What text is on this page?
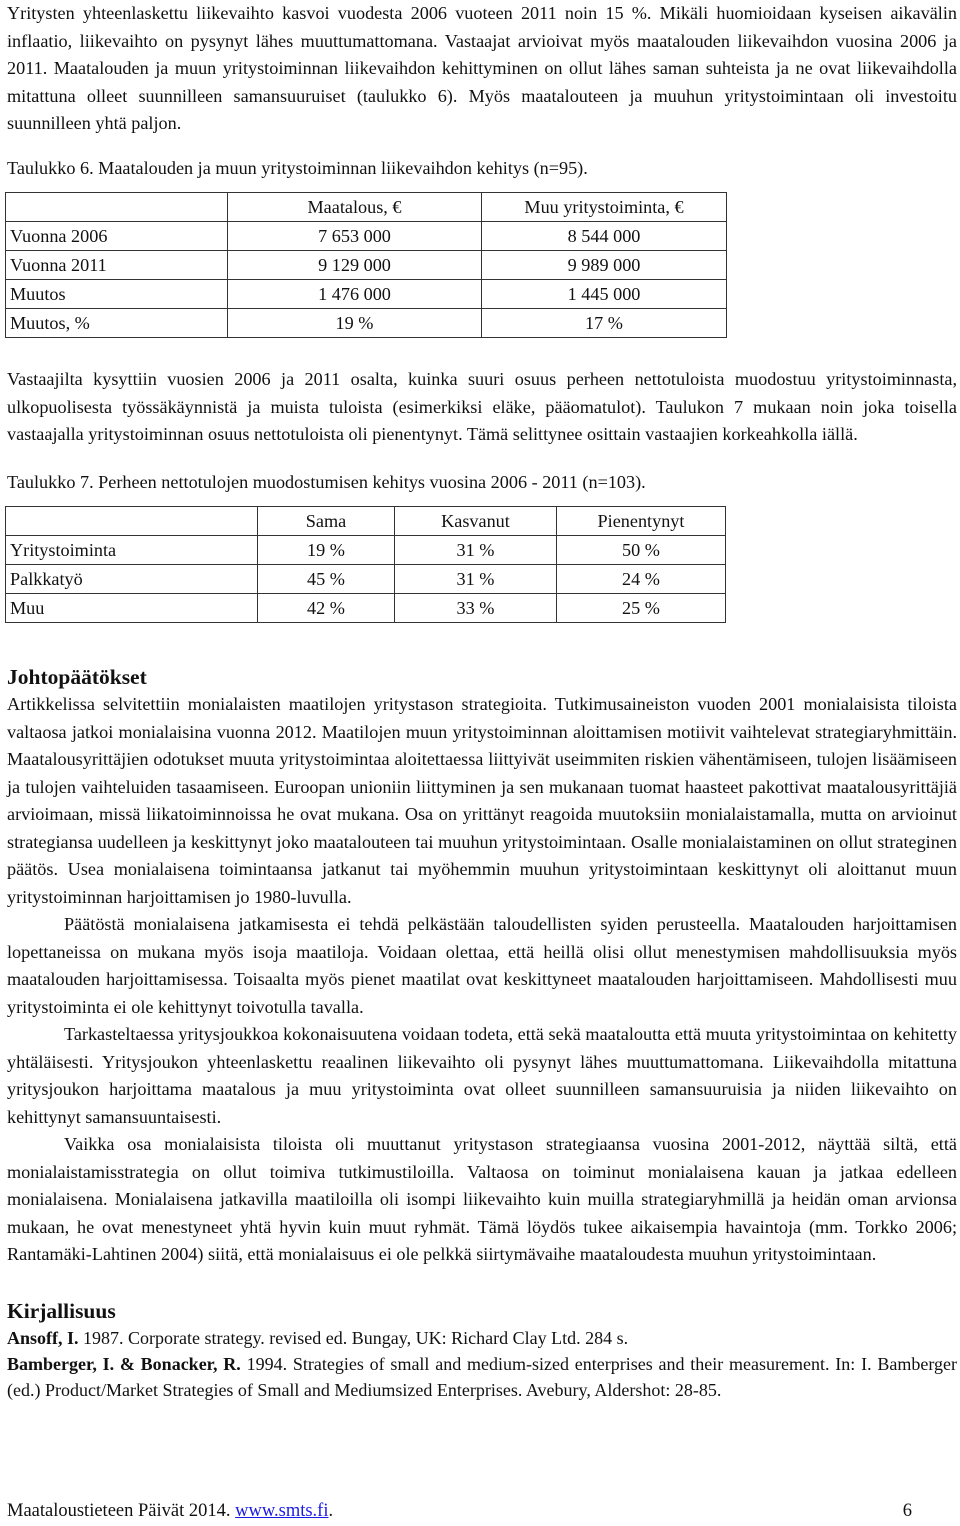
Yritysten yhteenlaskettu liikevaihto kasvoi vuodesta 2006 vuoteen 2011 noin 15 %. Mikäli huomioidaan kyseisen aikavälin inflaatio, liikevaihto on pysynyt lähes muuttumattomana. Vastaajat arvioivat myös maatalouden liikevaihdon vuosina 2006 ja 2011. Maatalouden ja muun yritystoiminnan liikevaihdon kehittyminen on ollut lähes saman suhteista ja ne ovat liikevaihdolla mitattuna olleet suunnilleen samansuuruiset (taulukko 6). Myös maatalouteen ja muuhun yritystoimintaan oli investoitu suunnilleen yhtä paljon.

Taulukko 6. Maatalouden ja muun yritystoiminnan liikevaihdon kehitys (n=95).

	Maatalous, €	Muu yritystoiminta, €
Vuonna 2006	7 653 000	8 544 000
Vuonna 2011	9 129 000	9 989 000
Muutos	1 476 000	1 445 000
Muutos, %	19 %	17 %

Vastaajilta kysyttiin vuosien 2006 ja 2011 osalta, kuinka suuri osuus perheen nettotuloista muodostuu yritystoiminnasta, ulkopuolisesta työssäkäynnistä ja muista tuloista (esimerkiksi eläke, pääomatulot). Taulukon 7 mukaan noin joka toisella vastaajalla yritystoiminnan osuus nettotuloista oli pienentynyt. Tämä selittynee osittain vastaajien korkeahkolla iällä.

Taulukko 7. Perheen nettotulojen muodostumisen kehitys vuosina 2006 - 2011 (n=103).

	Sama	Kasvanut	Pienentynyt
Yritystoiminta	19 %	31 %	50 %
Palkkatyö	45 %	31 %	24 %
Muu	42 %	33 %	25 %
Johtopäätökset

Artikkelissa selvitettiin monialaisten maatilojen yritystason strategioita. Tutkimusaineiston vuoden 2001 monialaisista tiloista valtaosa jatkoi monialaisina vuonna 2012. Maatilojen muun yritystoiminnan aloittamisen motiivit vaihtelevat strategiaryhmittäin. Maatalousyrittäjien odotukset muuta yritystoimintaa aloitettaessa liittyivät useimmiten riskien vähentämiseen, tulojen lisäämiseen ja tulojen vaihteluiden tasaamiseen. Euroopan unioniin liittyminen ja sen mukanaan tuomat haasteet pakottivat maatalousyrittäjiä arvioimaan, missä liikatoiminnoissa he ovat mukana. Osa on yrittänyt reagoida muutoksiin monialaistamalla, mutta on arvioinut strategiansa uudelleen ja keskittynyt joko maatalouteen tai muuhun yritystoimintaan. Osalle monialaistaminen on ollut strateginen päätös. Usea monialaisena toimintaansa jatkanut tai myöhemmin muuhun yritystoimintaan keskittynyt oli aloittanut muun yritystoiminnan harjoittamisen jo 1980-luvulla.

Päätöstä monialaisena jatkamisesta ei tehdä pelkästään taloudellisten syiden perusteella. Maatalouden harjoittamisen lopettaneissa on mukana myös isoja maatiloja. Voidaan olettaa, että heillä olisi ollut menestymisen mahdollisuuksia myös maatalouden harjoittamisessa. Toisaalta myös pienet maatilat ovat keskittyneet maatalouden harjoittamiseen. Mahdollisesti muu yritystoiminta ei ole kehittynyt toivotulla tavalla.

Tarkasteltaessa yritysjoukkoa kokonaisuutena voidaan todeta, että sekä maataloutta että muuta yritystoimintaa on kehitetty yhtäläisesti. Yritysjoukon yhteenlaskettu reaalinen liikevaihto oli pysynyt lähes muuttumattomana. Liikevaihdolla mitattuna yritysjoukon harjoittama maatalous ja muu yritystoiminta ovat olleet suunnilleen samansuuruisia ja niiden liikevaihto on kehittynyt samansuuntaisesti.

Vaikka osa monialaisista tiloista oli muuttanut yritystason strategiaansa vuosina 2001-2012, näyttää siltä, että monialaistamisstrategia on ollut toimiva tutkimustiloilla. Valtaosa on toiminut monialaisena kauan ja jatkaa edelleen monialaisena. Monialaisena jatkavilla maatiloilla oli isompi liikevaihto kuin muilla strategiaryhmillä ja heidän oman arvionsa mukaan, he ovat menestyneet yhtä hyvin kuin muut ryhmät. Tämä löydös tukee aikaisempia havaintoja (mm. Torkko 2006; Rantamäki-Lahtinen 2004) siitä, että monialaisuus ei ole pelkkä siirtymävaihe maataloudesta muuhun yritystoimintaan.

Kirjallisuus

Ansoff, I. 1987. Corporate strategy. revised ed. Bungay, UK: Richard Clay Ltd. 284 s.

Bamberger, I. & Bonacker, R. 1994. Strategies of small and medium-sized enterprises and their measurement. In: I. Bamberger (ed.) Product/Market Strategies of Small and Mediumsized Enterprises. Avebury, Aldershot: 28-85.

Maataloustieteen Päivät 2014. www.smts.fi.	6
